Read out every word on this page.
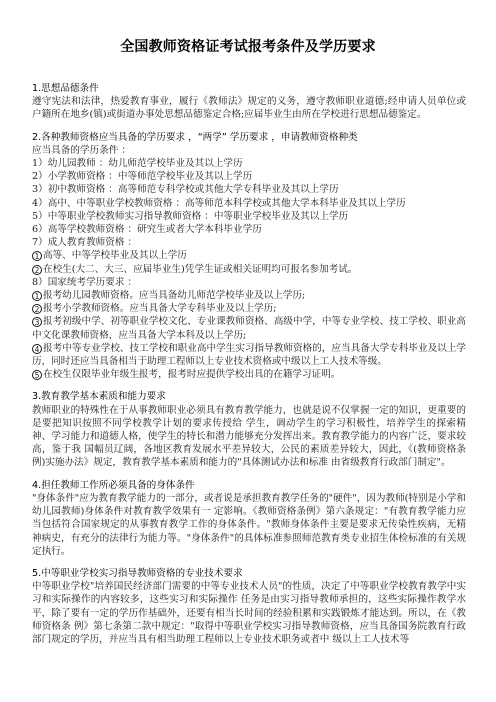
全国教师资格证考试报考条件及学历要求
1.思想品德条件

遵守宪法和法律，热爱教育事业，履行《教师法》规定的义务，遵守教师职业道德;经申请人员单位或户籍所在地乡(镇)或街道办事处思想品德鉴定合格;应届毕业生由所在学校进行思想品德鉴定。

2.各种教师资格应当具备的学历要求 ，“两学” 学历要求 ，申请教师资格种类
应当具备的学历条件 ：
1）幼儿园教师 ：幼儿师范学校毕业及其以上学历
2）小学教师资格 ：中等师范学校毕业及其以上学历
3）初中教师资格 ：高等师范专科学校或其他大学专科毕业及其以上学历
4）高中、中等职业学校教师资格 ：高等师范本科学校或其他大学本科毕业及其以上学历
5）中等职业学校教师实习指导教师资格 ：中等职业学校毕业及其以上学历
6）高等学校教师资格 ：研究生或者大学本科毕业学历
7）成人教育教师资格 ：
1 高等、中等学校毕业及其以上学历
2 在校生(大二、大三、应届毕业生)凭学生证或相关证明均可报名参加考试。
8）国家统考学历要求 ：
1 报考幼儿园教师资格。应当具备幼儿师范学校毕业及以上学历;
2 报考小学教师资格。应当具备大学专科毕业及以上学历;
3 报考初级中学、初等职业学校文化、专业课教师资格、高级中学，中等专业学校、技工学校、职业高中文化课教师资格，应当具备大学本科及以上学历;
4 报考中等专业学校、技工学校和职业高中学生实习指导教师资格的，应当具备大学专科毕业及以上学历，同时还应当具备相当于助理工程师以上专业技术资格或中级以上工人技术等级。
5 在校生仅限毕业年级生报考，报考时应提供学校出具的在籍学习证明。
3.教育教学基本素质和能力要求

教师职业的特殊性在于从事教师职业必须具有教育教学能力，也就是说不仅掌握一定的知识，更重要的是要把知识按照不同学校教学计划的要求传授给 学生，调动学生的学习积极性，培养学生的探索精神、学习能力和道德人格，使学生的特长和潜力能够充分发挥出来。教育教学能力的内容广泛，要求较高，鉴于我 国幅员辽阔，各地区教育发展水平差异较大，公民的素质差异较大，因此，《(教师资格条例)实施办法》规定，教育教学基本素质和能力的"具体测试办法和标准 由省级教育行政部门制定"。

4.担任教师工作所必须具备的身体条件

"身体条件"应为教育教学能力的一部分，或者说是承担教育教学任务的"硬件"，因为教师(特别是小学和幼儿园教师)身体条件对教育教学效果有一 定影响。《教师资格条例》第六条规定："有教育教学能力应当包括符合国家规定的从事教育教学工作的身体条件。"教师身体条件主要是要求无传染性疾病，无精 神病史，有充分的法律行为能力等。"身体条件"的具体标准参照师范教育类专业招生体检标准的有关规定执行。

5.中等职业学校实习指导教师资格的专业技术要求

中等职业学校"培养国民经济部门需要的中等专业技术人员"的性质，决定了中等职业学校教育教学中实习和实际操作的内容较多，这些实习和实际操作 任务是由实习指导教师承担的，这些实际操作教学水平，除了要有一定的学历作基础外，还要有相当长时间的经验积累和实践锻炼才能达到。所以，在《教师资格条 例》第七条第二款中规定："取得中等职业学校实习指导教师资格，应当具备国务院教育行政部门规定的学历，并应当具有相当助理工程师以上专业技术职务或者中 级以上工人技术等
